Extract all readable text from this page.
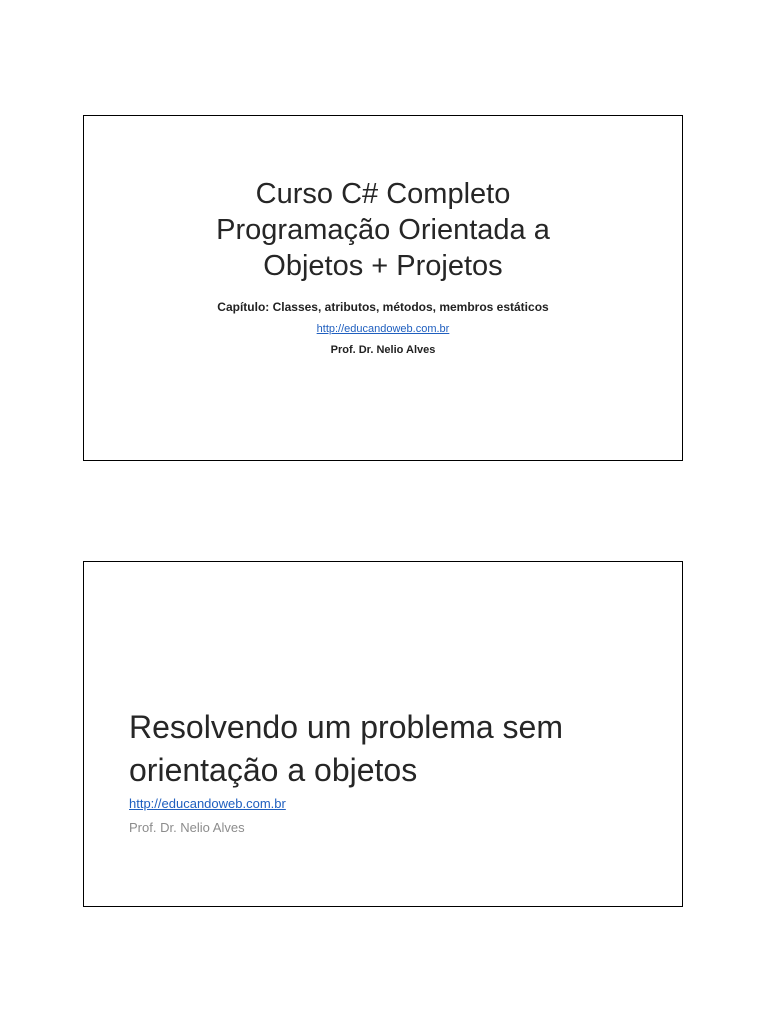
Curso C# Completo
Programação Orientada a
Objetos + Projetos
Capítulo: Classes, atributos, métodos, membros estáticos
http://educandoweb.com.br
Prof. Dr. Nelio Alves
Resolvendo um problema sem
orientação a objetos
http://educandoweb.com.br
Prof. Dr. Nelio Alves
